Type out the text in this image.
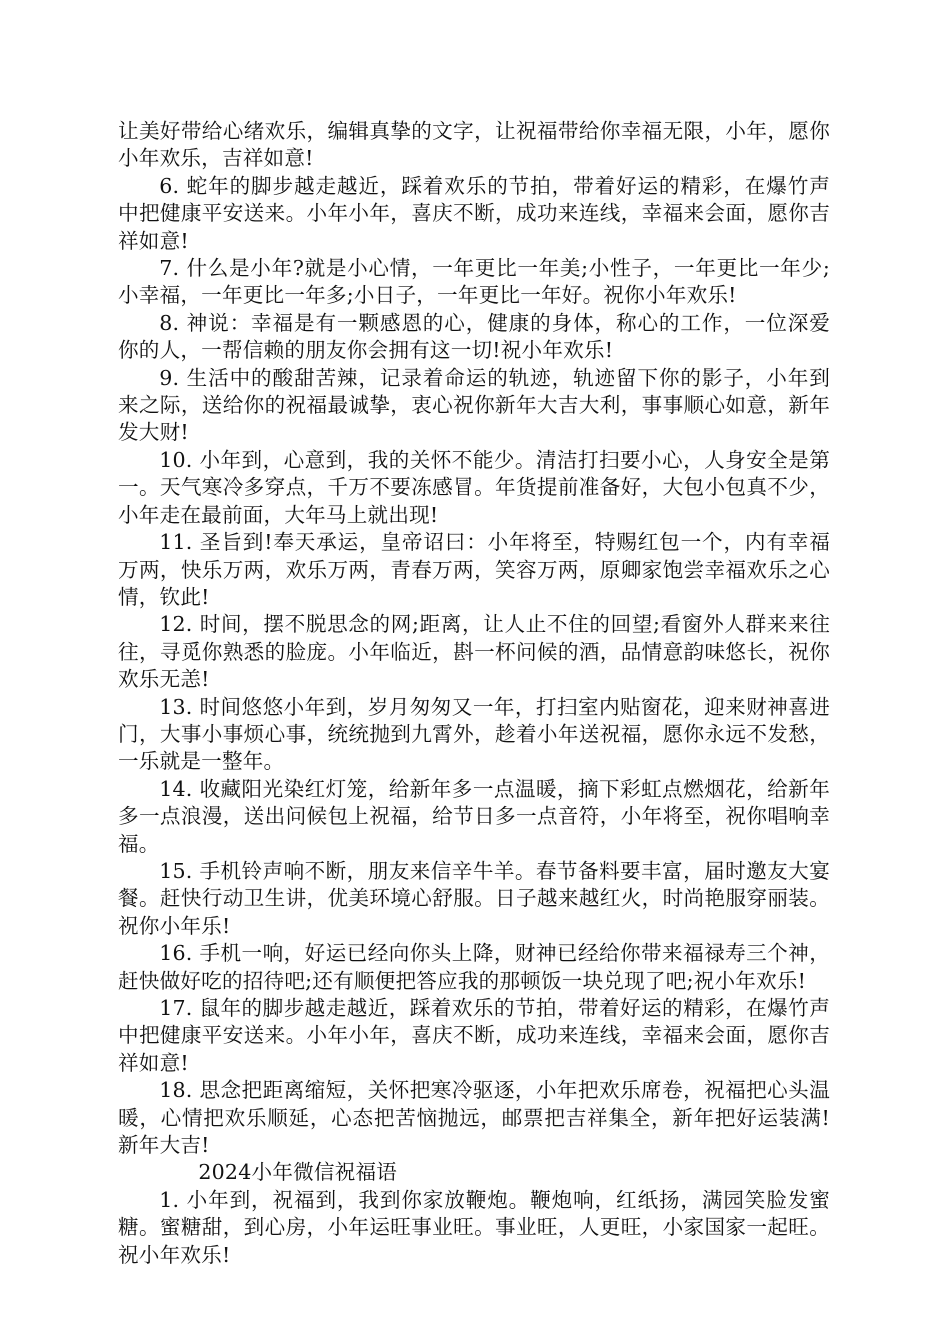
让美好带给心绪欢乐，编辑真挚的文字，让祝福带给你幸福无限，小年，愿你小年欢乐，吉祥如意!

6. 蛇年的脚步越走越近，踩着欢乐的节拍，带着好运的精彩，在爆竹声中把健康平安送来。小年小年，喜庆不断，成功来连线，幸福来会面，愿你吉祥如意!

7. 什么是小年?就是小心情，一年更比一年美;小性子，一年更比一年少;小幸福，一年更比一年多;小日子，一年更比一年好。祝你小年欢乐!

8. 神说：幸福是有一颗感恩的心，健康的身体，称心的工作，一位深爱你的人，一帮信赖的朋友你会拥有这一切!祝小年欢乐!

9. 生活中的酸甜苦辣，记录着命运的轨迹，轨迹留下你的影子，小年到来之际，送给你的祝福最诚挚，衷心祝你新年大吉大利，事事顺心如意，新年发大财!

10. 小年到，心意到，我的关怀不能少。清洁打扫要小心，人身安全是第一。天气寒冷多穿点，千万不要冻感冒。年货提前准备好，大包小包真不少，小年走在最前面，大年马上就出现!

11. 圣旨到!奉天承运，皇帝诏曰：小年将至，特赐红包一个，内有幸福万两，快乐万两，欢乐万两，青春万两，笑容万两，原卿家饱尝幸福欢乐之心情，钦此!

12. 时间，摆不脱思念的网;距离，让人止不住的回望;看窗外人群来来往往，寻觅你熟悉的脸庞。小年临近，斟一杯问候的酒，品情意韵味悠长，祝你欢乐无恙!

13. 时间悠悠小年到，岁月匆匆又一年，打扫室内贴窗花，迎来财神喜进门，大事小事烦心事，统统抛到九霄外，趁着小年送祝福，愿你永远不发愁，一乐就是一整年。

14. 收藏阳光染红灯笼，给新年多一点温暖，摘下彩虹点燃烟花，给新年多一点浪漫，送出问候包上祝福，给节日多一点音符，小年将至，祝你唱响幸福。

15. 手机铃声响不断，朋友来信辛牛羊。春节备料要丰富，届时邀友大宴餐。赶快行动卫生讲，优美环境心舒服。日子越来越红火，时尚艳服穿丽装。祝你小年乐!

16. 手机一响，好运已经向你头上降，财神已经给你带来福禄寿三个神，赶快做好吃的招待吧;还有顺便把答应我的那顿饭一块兑现了吧;祝小年欢乐!

17. 鼠年的脚步越走越近，踩着欢乐的节拍，带着好运的精彩，在爆竹声中把健康平安送来。小年小年，喜庆不断，成功来连线，幸福来会面，愿你吉祥如意!

18. 思念把距离缩短，关怀把寒冷驱逐，小年把欢乐席卷，祝福把心头温暖，心情把欢乐顺延，心态把苦恼抛远，邮票把吉祥集全，新年把好运装满!新年大吉!

2024小年微信祝福语

1. 小年到，祝福到，我到你家放鞭炮。鞭炮响，红纸扬，满园笑脸发蜜糖。蜜糖甜，到心房，小年运旺事业旺。事业旺，人更旺，小家国家一起旺。祝小年欢乐!
